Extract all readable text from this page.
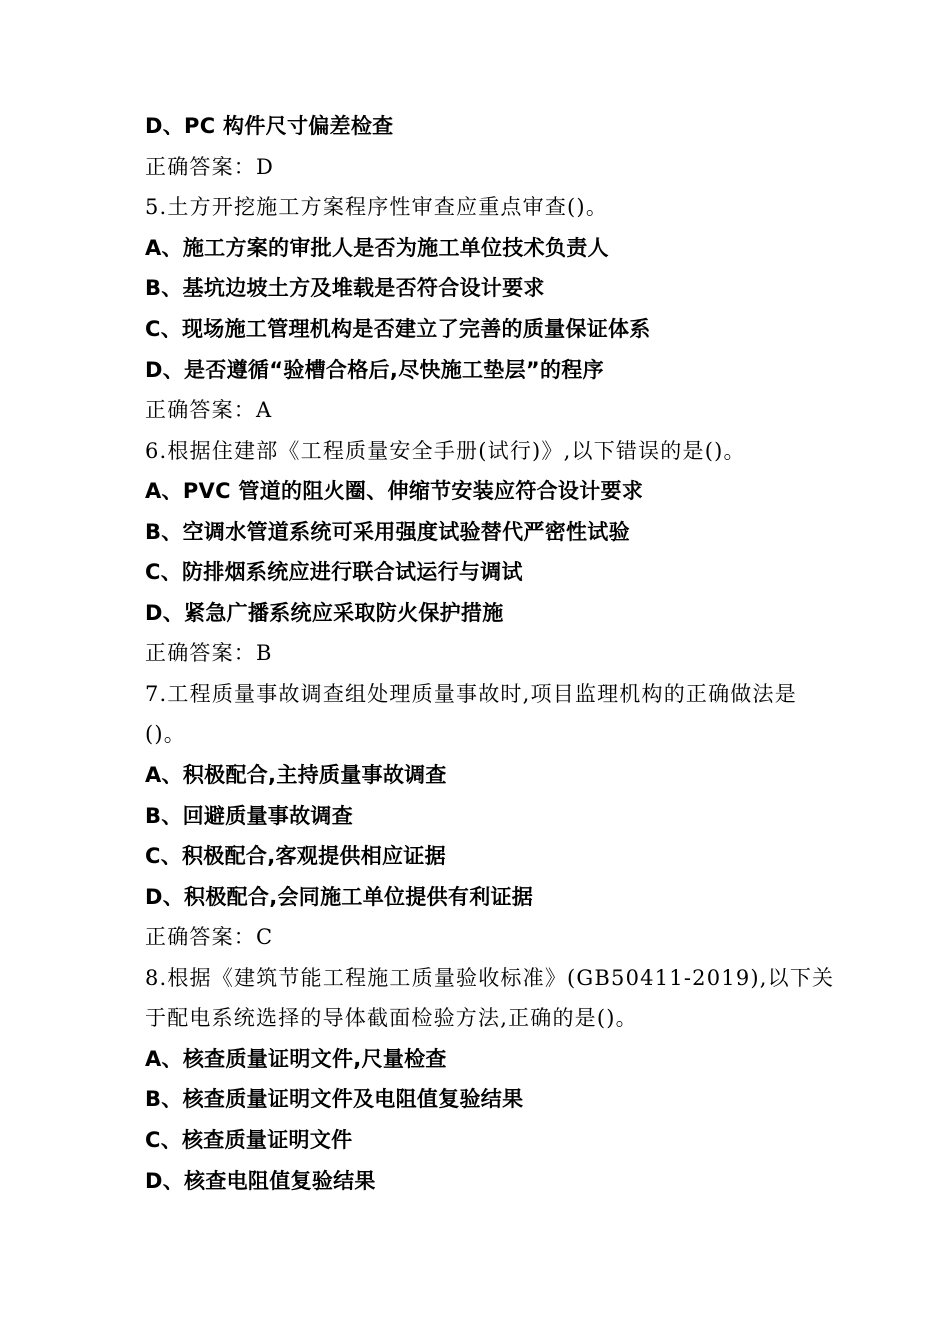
D、PC 构件尺寸偏差检查
正确答案：D
5.土方开挖施工方案程序性审查应重点审查()。
A、施工方案的审批人是否为施工单位技术负责人
B、基坑边坡土方及堆载是否符合设计要求
C、现场施工管理机构是否建立了完善的质量保证体系
D、是否遵循“验槽合格后,尽快施工垫层”的程序
正确答案：A
6.根据住建部《工程质量安全手册(试行)》,以下错误的是()。
A、PVC 管道的阻火圈、伸缩节安装应符合设计要求
B、空调水管道系统可采用强度试验替代严密性试验
C、防排烟系统应进行联合试运行与调试
D、紧急广播系统应采取防火保护措施
正确答案：B
7.工程质量事故调查组处理质量事故时,项目监理机构的正确做法是
()。
A、积极配合,主持质量事故调查
B、回避质量事故调查
C、积极配合,客观提供相应证据
D、积极配合,会同施工单位提供有利证据
正确答案：C
8.根据《建筑节能工程施工质量验收标准》(GB50411-2019),以下关
于配电系统选择的导体截面检验方法,正确的是()。
A、核查质量证明文件,尺量检查
B、核查质量证明文件及电阻值复验结果
C、核查质量证明文件
D、核查电阻值复验结果
